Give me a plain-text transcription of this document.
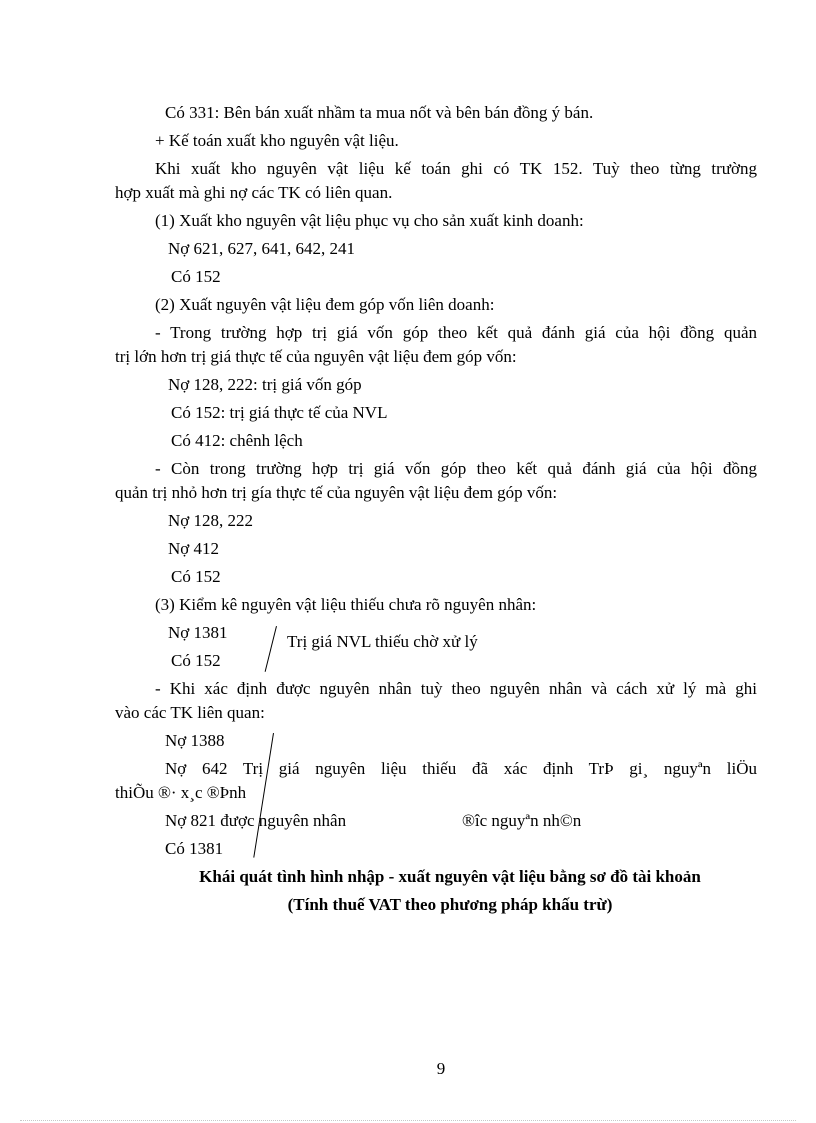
Có 331: Bên bán xuất nhầm ta mua nốt và bên bán đồng ý bán.
+ Kế toán xuất kho nguyên vật liệu.
Khi xuất kho nguyên vật liệu kế toán ghi có TK 152. Tuỳ theo từng trường
hợp xuất mà ghi nợ các TK có liên quan.
(1) Xuất kho nguyên vật liệu phục vụ cho sản xuất kinh doanh:
Nợ 621, 627, 641, 642, 241
Có 152
(2) Xuất nguyên vật liệu đem góp vốn liên doanh:
- Trong trường hợp trị giá vốn góp theo kết quả đánh giá của hội đồng quản
trị lớn hơn trị giá thực tế của nguyên vật liệu đem góp vốn:
Nợ 128, 222: trị giá vốn góp
Có 152: trị giá thực tế của NVL
Có 412: chênh lệch
- Còn trong trường hợp trị giá vốn góp theo kết quả đánh giá của hội đồng
quản trị nhỏ hơn trị gía thực tế của nguyên vật liệu đem góp vốn:
Nợ 128, 222
Nợ 412
Có 152
(3) Kiểm kê nguyên vật liệu thiếu chưa rõ nguyên nhân:
Nợ 1381	Trị giá NVL thiếu chờ xử lý
Có 152
- Khi xác định được nguyên nhân tuỳ theo nguyên nhân và cách xử lý mà ghi
vào các TK liên quan:
Nợ 1388
Nợ 642 Trị giá nguyên liệu thiếu đã xác định TrÞ gi¸ nguyªn liÖu
thiÕu ®· x¸c ®Þnh
Nợ 821 được nguyên nhân	®îc nguyªn nh©n
Có 1381
Khái quát tình hình nhập - xuất nguyên vật liệu bằng sơ đồ tài khoản
(Tính thuế VAT theo phương pháp khấu trừ)
9
